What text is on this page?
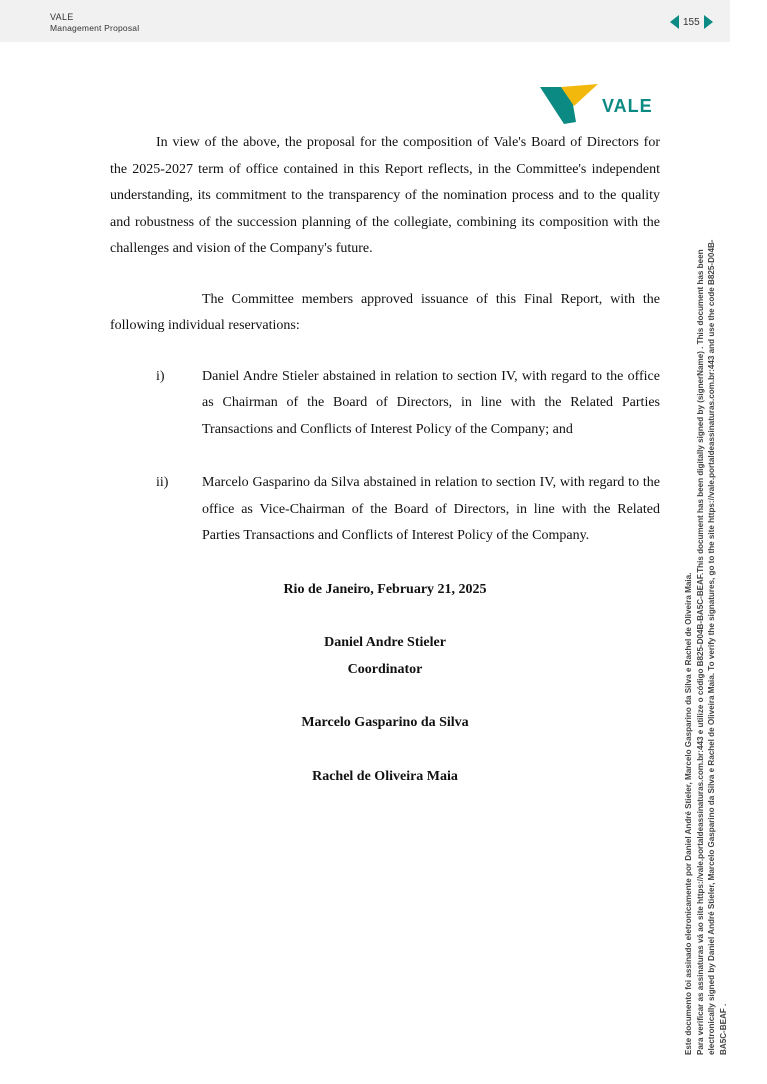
VALE
Management Proposal
155
VALE

In view of the above, the proposal for the composition of Vale's Board of Directors for the 2025-2027 term of office contained in this Report reflects, in the Committee's independent understanding, its commitment to the transparency of the nomination process and to the quality and robustness of the succession planning of the collegiate, combining its composition with the challenges and vision of the Company's future.

The Committee members approved issuance of this Final Report, with the following individual reservations:

i)	Daniel Andre Stieler abstained in relation to section IV, with regard to the office as Chairman of the Board of Directors, in line with the Related Parties Transactions and Conflicts of Interest Policy of the Company; and
ii)	Marcelo Gasparino da Silva abstained in relation to section IV, with regard to the office as Vice-Chairman of the Board of Directors, in line with the Related Parties Transactions and Conflicts of Interest Policy of the Company.
Rio de Janeiro, February 21, 2025
Daniel Andre Stieler
Coordinator
Marcelo Gasparino da Silva
Rachel de Oliveira Maia	Este documento foi assinado eletronicamente por Daniel André Stieler, Marcelo Gasparino da Silva e Rachel de Oliveira Maia. Para verificar as assinaturas vá ao site https://vale.portaldeassinaturas.com.br:443 e utilize o código B825-D04B-BA5C-BEAF.This document has been digitally signed by (signerName) . This document has been electronically signed by Daniel André Stieler, Marcelo Gasparino da Silva e Rachel de Oliveira Maia. To verify the signatures, go to the site https://vale.portaldeassinaturas.com.br:443 and use the code B825-D04B- BA5C-BEAF .
